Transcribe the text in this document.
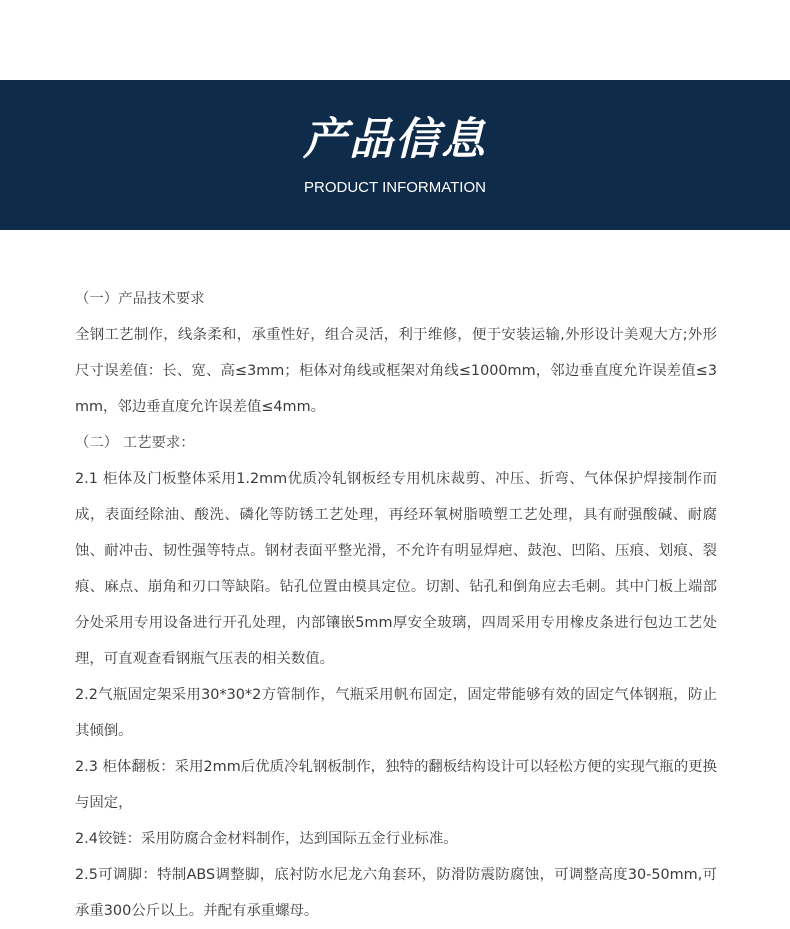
产品信息
PRODUCT INFORMATION

（一）产品技术要求

全钢工艺制作，线条柔和，承重性好，组合灵活，利于维修，便于安装运输,外形设计美观大方;外形尺寸误差值：长、宽、高≤3mm；柜体对角线或框架对角线≤1000mm，邻边垂直度允许误差值≤3mm，邻边垂直度允许误差值≤4mm。

（二） 工艺要求：

2.1 柜体及门板整体采用1.2mm优质冷轧钢板经专用机床裁剪、冲压、折弯、气体保护焊接制作而成，表面经除油、酸洗、磷化等防锈工艺处理，再经环氧树脂喷塑工艺处理，具有耐强酸碱、耐腐蚀、耐冲击、韧性强等特点。钢材表面平整光滑，不允许有明显焊疤、鼓泡、凹陷、压痕、划痕、裂痕、麻点、崩角和刃口等缺陷。钻孔位置由模具定位。切割、钻孔和倒角应去毛刺。其中门板上端部分处采用专用设备进行开孔处理，内部镶嵌5mm厚安全玻璃，四周采用专用橡皮条进行包边工艺处理，可直观查看钢瓶气压表的相关数值。

2.2气瓶固定架采用30*30*2方管制作，气瓶采用帆布固定，固定带能够有效的固定气体钢瓶，防止其倾倒。

2.3 柜体翻板：采用2mm后优质冷轧钢板制作，独特的翻板结构设计可以轻松方便的实现气瓶的更换与固定，

2.4铰链：采用防腐合金材料制作，达到国际五金行业标准。

2.5可调脚：特制ABS调整脚，底衬防水尼龙六角套环，防滑防震防腐蚀，可调整高度30-50mm,可承重300公斤以上。并配有承重螺母。
